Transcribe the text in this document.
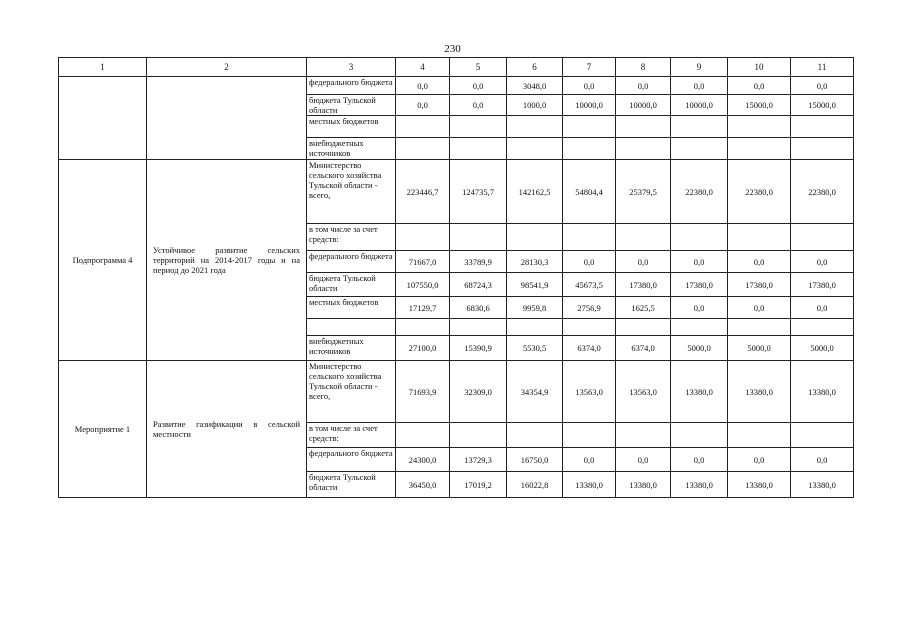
230
1	2	3	4	5	6	7	8	9	10	11
		федерального бюджета	0,0	0,0	3048,0	0,0	0,0	0,0	0,0	0,0
		бюджета Тульской области	0,0	0,0	1000,0	10000,0	10000,0	10000,0	15000,0	15000,0
		местных бюджетов								
		внебюджетных источников								
Подпрограмма 4	Устойчивое развитие сельских территорий на 2014-2017 годы и на период до 2021 года	Министерство сельского хозяйства Тульской области - всего,	223446,7	124735,7	142162,5	54804,4	25379,5	22380,0	22380,0	22380,0
		в том числе за счет средств:								
		федерального бюджета	71667,0	33789,9	28130,3	0,0	0,0	0,0	0,0	0,0
		бюджета Тульской области	107550,0	68724,3	98541,9	45673,5	17380,0	17380,0	17380,0	17380,0
		местных бюджетов	17129,7	6830,6	9959,8	2756,9	1625,5	0,0	0,0	0,0

		внебюджетных источников	27100,0	15390,9	5530,5	6374,0	6374,0	5000,0	5000,0	5000,0
Мероприятие 1	Развитие газификации в сельской местности	Министерство сельского хозяйства Тульской области - всего,	71693,9	32309,0	34354,9	13563,0	13563,0	13380,0	13380,0	13380,0
		в том числе за счет средств:								
		федерального бюджета	24300,0	13729,3	16750,0	0,0	0,0	0,0	0,0	0,0
		бюджета Тульской области	36450,0	17019,2	16022,8	13380,0	13380,0	13380,0	13380,0	13380,0
